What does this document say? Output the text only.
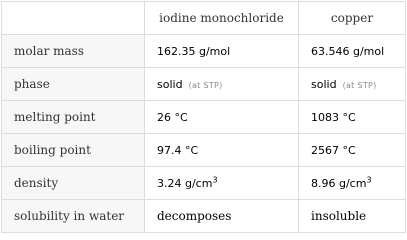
	iodine monochloride	copper
molar mass	162.35 g/mol	63.546 g/mol
phase	solid (at STP)	solid (at STP)
melting point	26 °C	1083 °C
boiling point	97.4 °C	2567 °C
density	3.24 $g/cm^3$	8.96 $g/cm^3$
solubility in water	decomposes	insoluble
